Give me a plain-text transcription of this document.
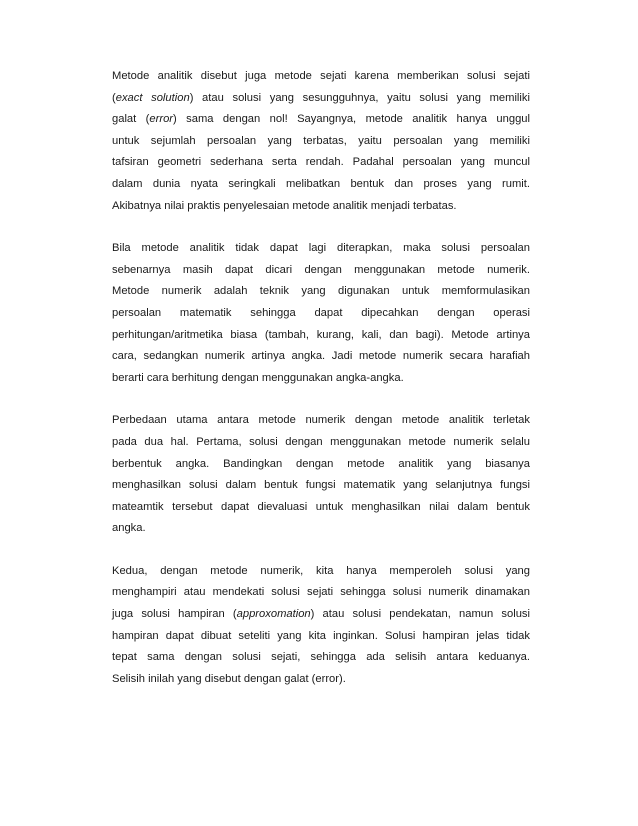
Metode analitik disebut juga metode sejati karena memberikan solusi sejati
(exact solution) atau solusi yang sesungguhnya, yaitu solusi yang memiliki
galat (error) sama dengan nol! Sayangnya, metode analitik hanya unggul
untuk sejumlah persoalan yang terbatas, yaitu persoalan yang memiliki
tafsiran geometri sederhana serta rendah. Padahal persoalan yang muncul
dalam dunia nyata seringkali melibatkan bentuk dan proses yang rumit.
Akibatnya nilai praktis penyelesaian metode analitik menjadi terbatas.
Bila metode analitik tidak dapat lagi diterapkan, maka solusi persoalan
sebenarnya masih dapat dicari dengan menggunakan metode numerik.
Metode numerik adalah teknik yang digunakan untuk memformulasikan
persoalan matematik sehingga dapat dipecahkan dengan operasi
perhitungan/aritmetika biasa (tambah, kurang, kali, dan bagi). Metode artinya
cara, sedangkan numerik artinya angka. Jadi metode numerik secara harafiah
berarti cara berhitung dengan menggunakan angka-angka.
Perbedaan utama antara metode numerik dengan metode analitik terletak
pada dua hal. Pertama, solusi dengan menggunakan metode numerik selalu
berbentuk angka. Bandingkan dengan metode analitik yang biasanya
menghasilkan solusi dalam bentuk fungsi matematik yang selanjutnya fungsi
mateamtik tersebut dapat dievaluasi untuk menghasilkan nilai dalam bentuk
angka.
Kedua, dengan metode numerik, kita hanya memperoleh solusi yang
menghampiri atau mendekati solusi sejati sehingga solusi numerik dinamakan
juga solusi hampiran (approxomation) atau solusi pendekatan, namun solusi
hampiran dapat dibuat seteliti yang kita inginkan. Solusi hampiran jelas tidak
tepat sama dengan solusi sejati, sehingga ada selisih antara keduanya.
Selisih inilah yang disebut dengan galat (error).
